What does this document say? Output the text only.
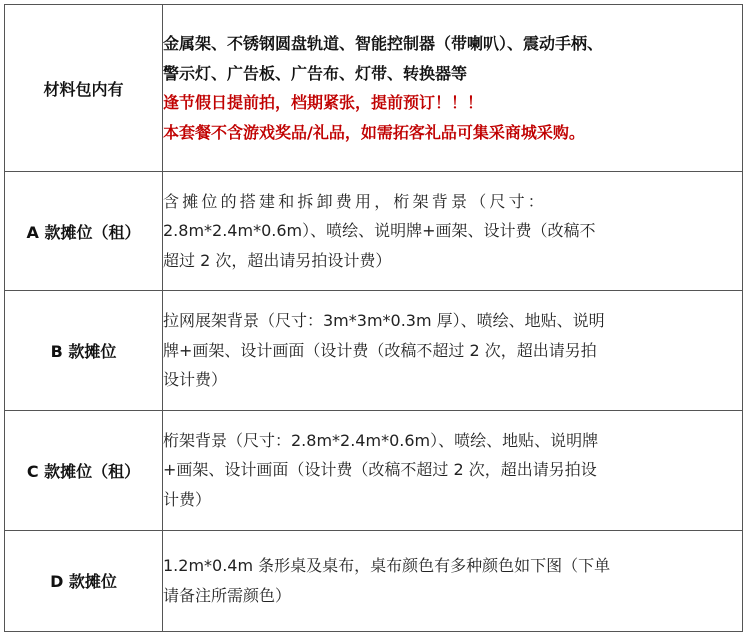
材料包内有	金属架、不锈钢圆盘轨道、智能控制器（带喇叭）、震动手柄、
警示灯、广告板、广告布、灯带、转换器等
逢节假日提前拍，档期紧张，提前预订！！！
本套餐不含游戏奖品/礼品，如需拓客礼品可集采商城采购。

A 款摊位（租）	含摊位的搭建和拆卸费用，桁架背景（尺寸：
2.8m*2.4m*0.6m）、喷绘、说明牌+画架、设计费（改稿不
超过 2 次，超出请另拍设计费）

B 款摊位	拉网展架背景（尺寸：3m*3m*0.3m 厚）、喷绘、地贴、说明
牌+画架、设计画面（设计费（改稿不超过 2 次，超出请另拍
设计费）

C 款摊位（租）	桁架背景（尺寸：2.8m*2.4m*0.6m）、喷绘、地贴、说明牌
+画架、设计画面（设计费（改稿不超过 2 次，超出请另拍设
计费）

D 款摊位	1.2m*0.4m 条形桌及桌布，桌布颜色有多种颜色如下图（下单
请备注所需颜色）
